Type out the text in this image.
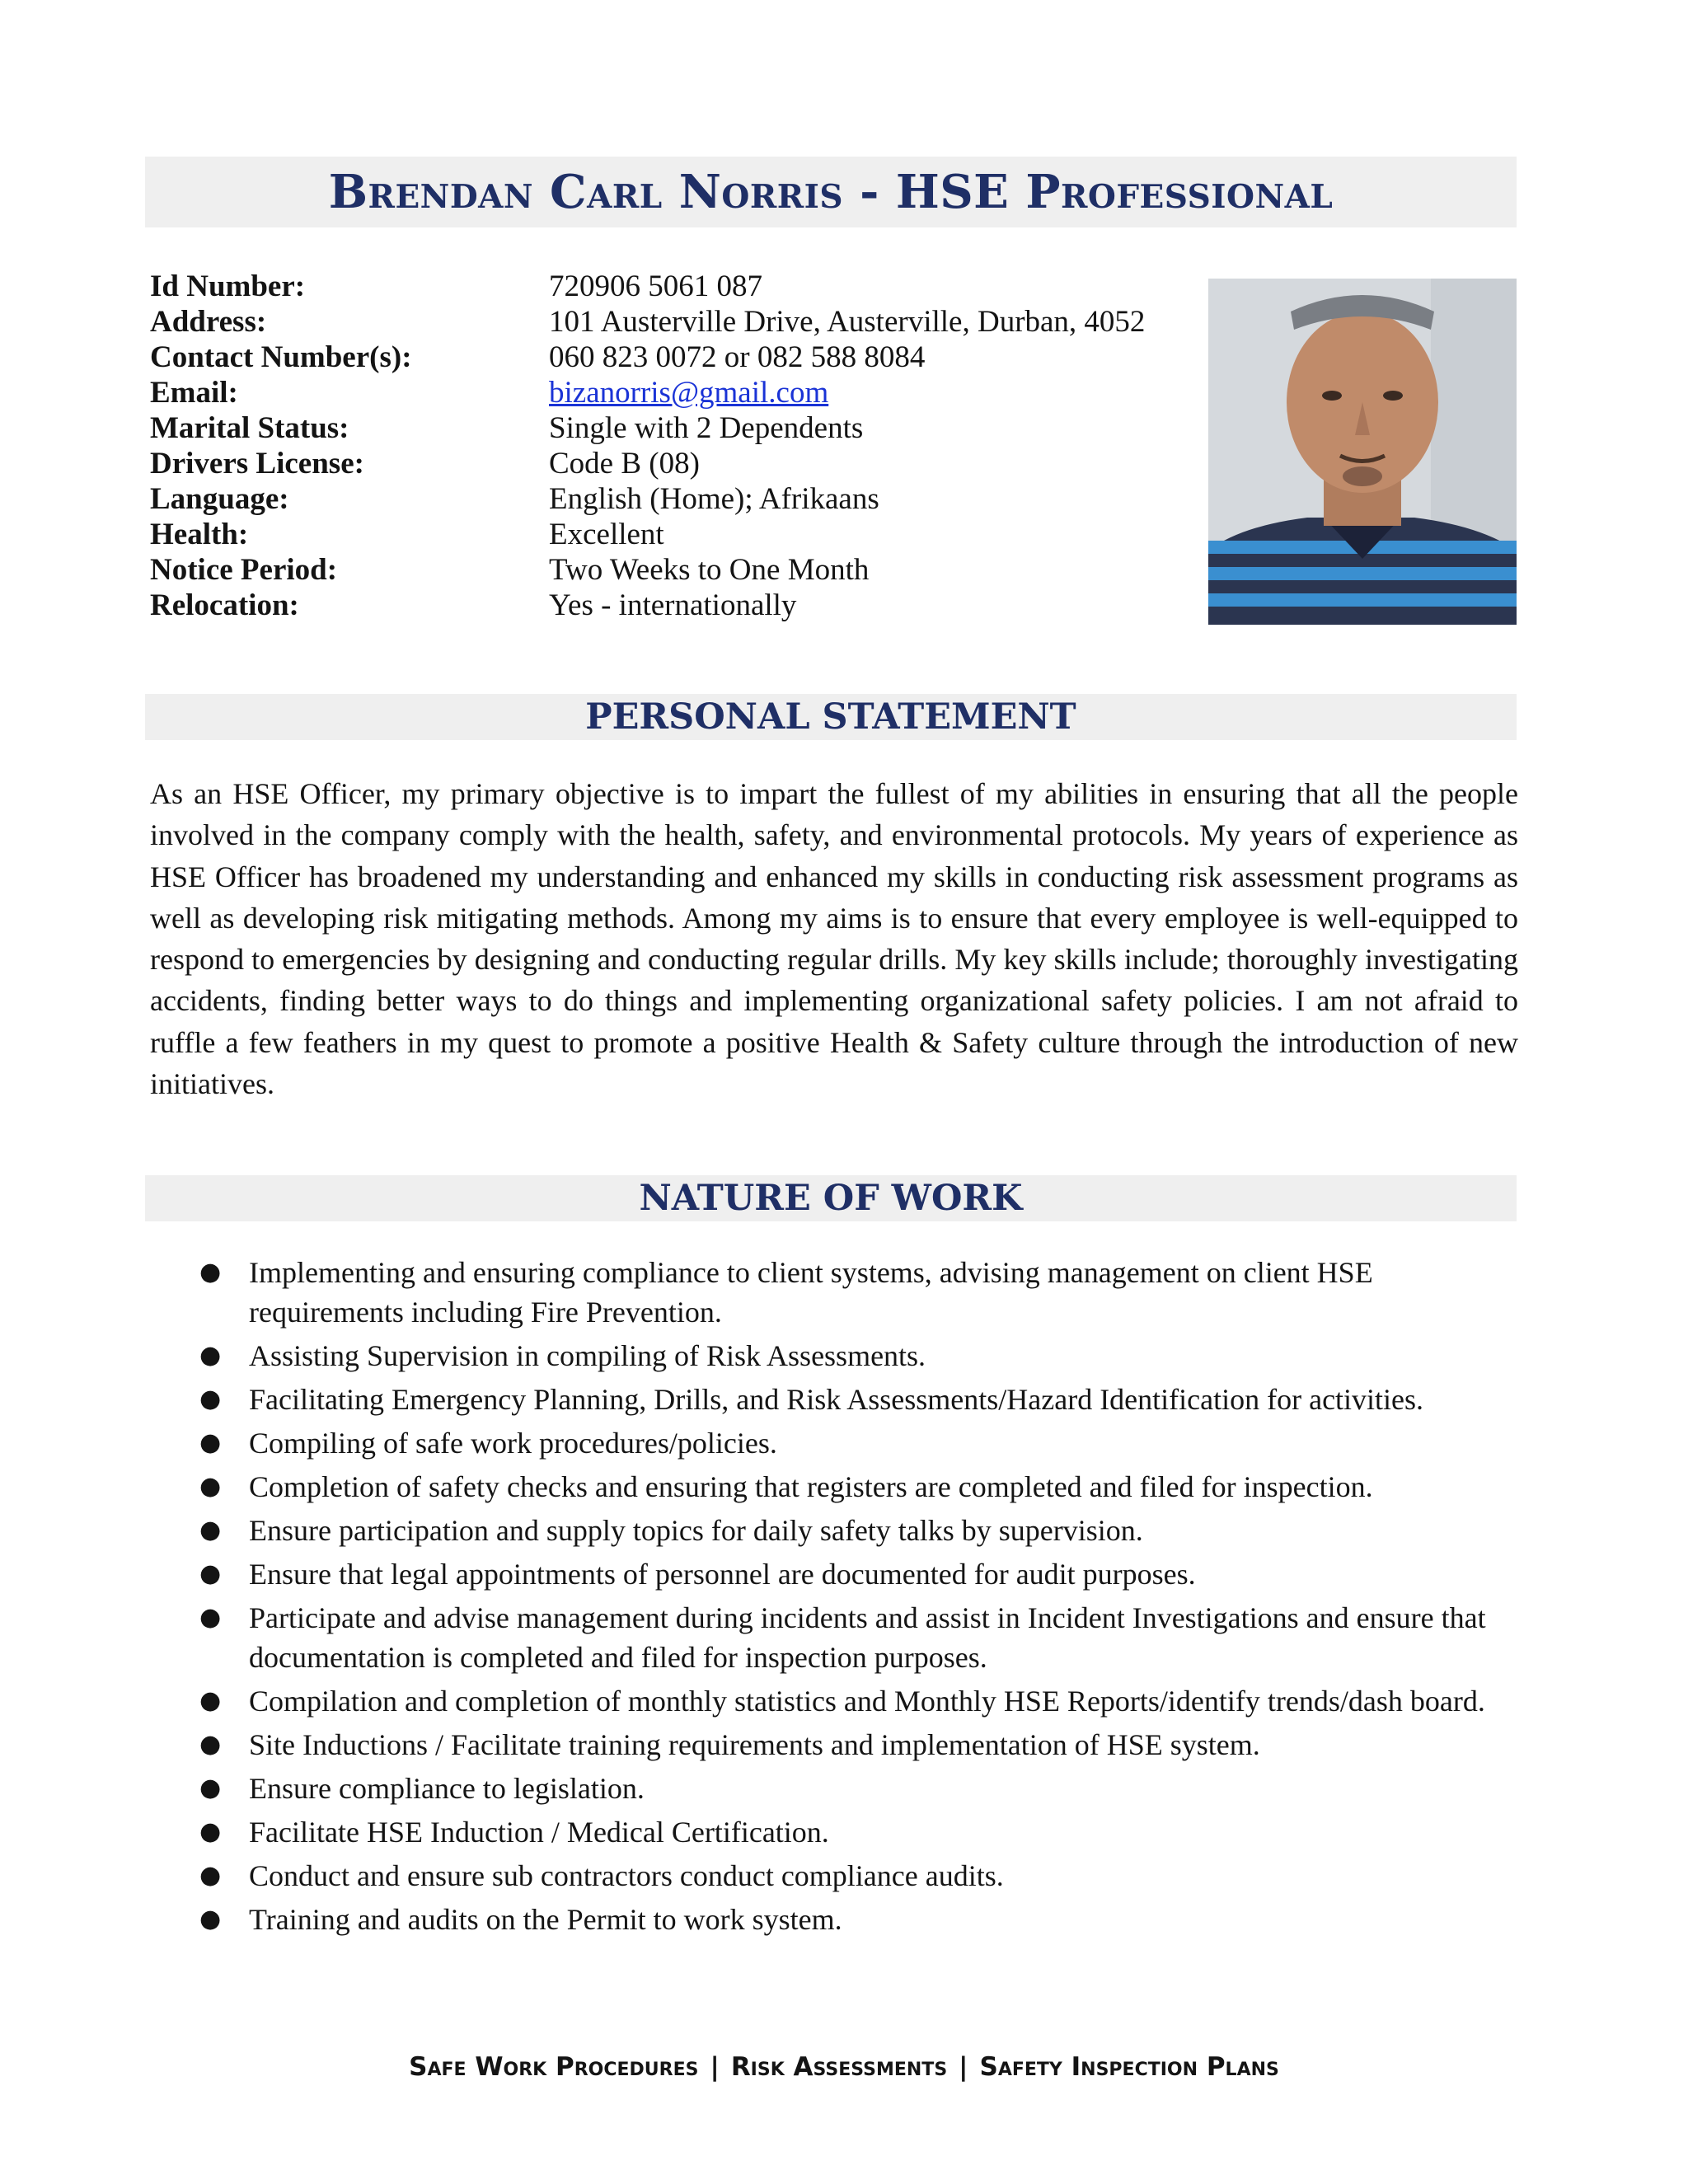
Brendan Carl Norris - HSE Professional
Id Number:	720906 5061 087
Address:	101 Austerville Drive, Austerville, Durban, 4052
Contact Number(s):	060 823 0072 or 082 588 8084
Email:	bizanorris@gmail.com
Marital Status:	Single with 2 Dependents
Drivers License:	Code B (08)
Language:	English (Home); Afrikaans
Health:	Excellent
Notice Period:	Two Weeks to One Month
Relocation:	Yes - internationally
PERSONAL STATEMENT

As an HSE Officer, my primary objective is to impart the fullest of my abilities in ensuring that all the people involved in the company comply with the health, safety, and environmental protocols. My years of experience as HSE Officer has broadened my understanding and enhanced my skills in conducting risk assessment programs as well as developing risk mitigating methods. Among my aims is to ensure that every employee is well-equipped to respond to emergencies by designing and conducting regular drills. My key skills include; thoroughly investigating accidents, finding better ways to do things and implementing organizational safety policies. I am not afraid to ruffle a few feathers in my quest to promote a positive Health & Safety culture through the introduction of new initiatives.

NATURE OF WORK
● Implementing and ensuring compliance to client systems, advising management on client HSE requirements including Fire Prevention.
● Assisting Supervision in compiling of Risk Assessments.
● Facilitating Emergency Planning, Drills, and Risk Assessments/Hazard Identification for activities.
● Compiling of safe work procedures/policies.
● Completion of safety checks and ensuring that registers are completed and filed for inspection.
● Ensure participation and supply topics for daily safety talks by supervision.
● Ensure that legal appointments of personnel are documented for audit purposes.
● Participate and advise management during incidents and assist in Incident Investigations and ensure that documentation is completed and filed for inspection purposes.
● Compilation and completion of monthly statistics and Monthly HSE Reports/identify trends/dash board.
● Site Inductions / Facilitate training requirements and implementation of HSE system.
● Ensure compliance to legislation.
● Facilitate HSE Induction / Medical Certification.
● Conduct and ensure sub contractors conduct compliance audits.
● Training and audits on the Permit to work system.
Safe Work Procedures | Risk Assessments | Safety Inspection Plans
